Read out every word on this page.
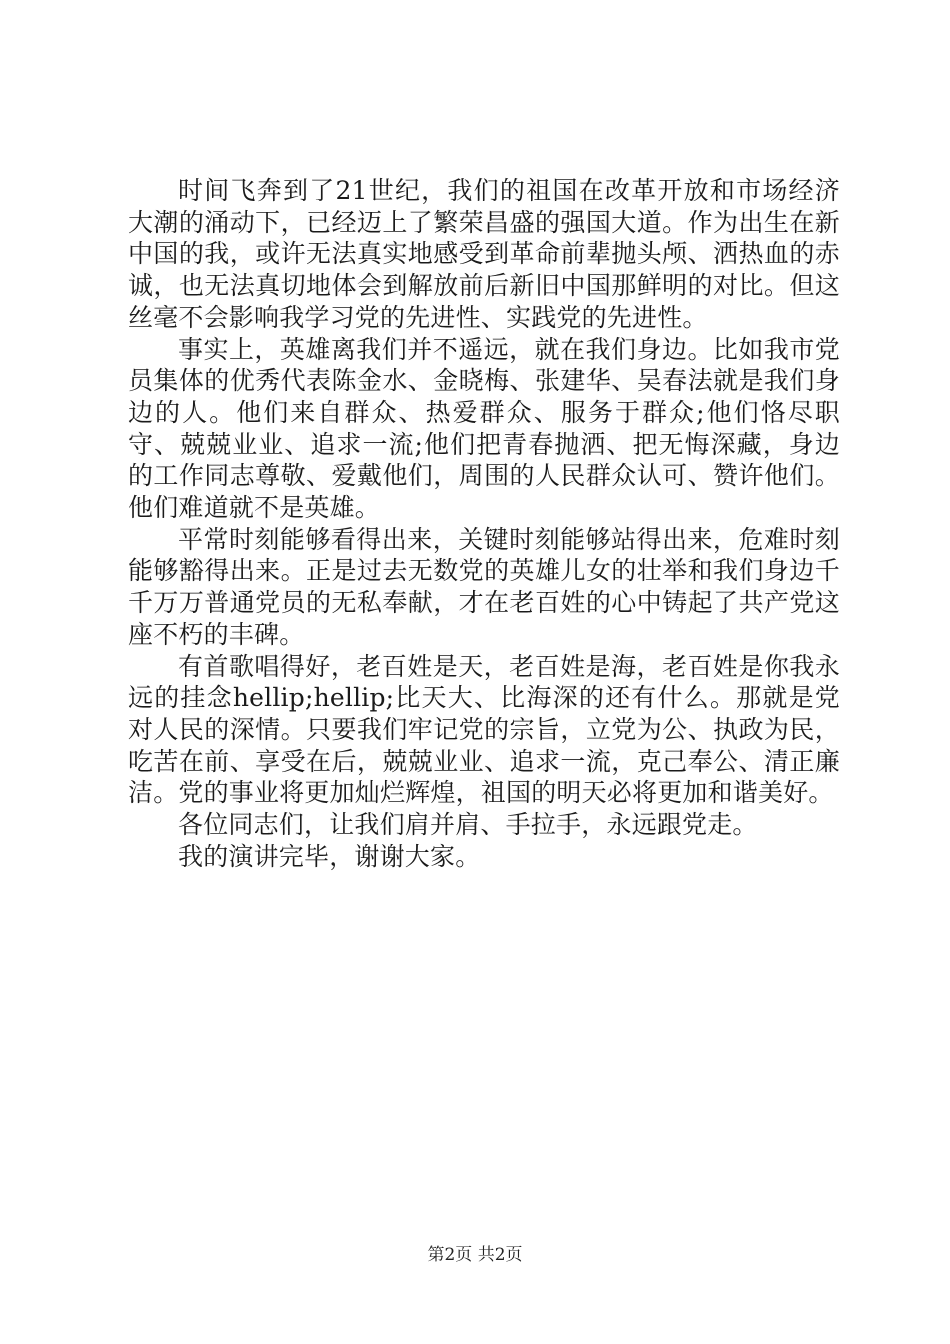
时间飞奔到了21世纪，我们的祖国在改革开放和市场经济大潮的涌动下，已经迈上了繁荣昌盛的强国大道。作为出生在新中国的我，或许无法真实地感受到革命前辈抛头颅、洒热血的赤诚，也无法真切地体会到解放前后新旧中国那鲜明的对比。但这丝毫不会影响我学习党的先进性、实践党的先进性。

事实上，英雄离我们并不遥远，就在我们身边。比如我市党员集体的优秀代表陈金水、金晓梅、张建华、吴春法就是我们身边的人。他们来自群众、热爱群众、服务于群众;他们恪尽职守、兢兢业业、追求一流;他们把青春抛洒、把无悔深藏，身边的工作同志尊敬、爱戴他们，周围的人民群众认可、赞许他们。他们难道就不是英雄。

平常时刻能够看得出来，关键时刻能够站得出来，危难时刻能够豁得出来。正是过去无数党的英雄儿女的壮举和我们身边千千万万普通党员的无私奉献，才在老百姓的心中铸起了共产党这座不朽的丰碑。

有首歌唱得好，老百姓是天，老百姓是海，老百姓是你我永远的挂念hellip;hellip;比天大、比海深的还有什么。那就是党对人民的深情。只要我们牢记党的宗旨，立党为公、执政为民，吃苦在前、享受在后，兢兢业业、追求一流，克己奉公、清正廉洁。党的事业将更加灿烂辉煌，祖国的明天必将更加和谐美好。

各位同志们，让我们肩并肩、手拉手，永远跟党走。

我的演讲完毕，谢谢大家。

第2页 共2页
